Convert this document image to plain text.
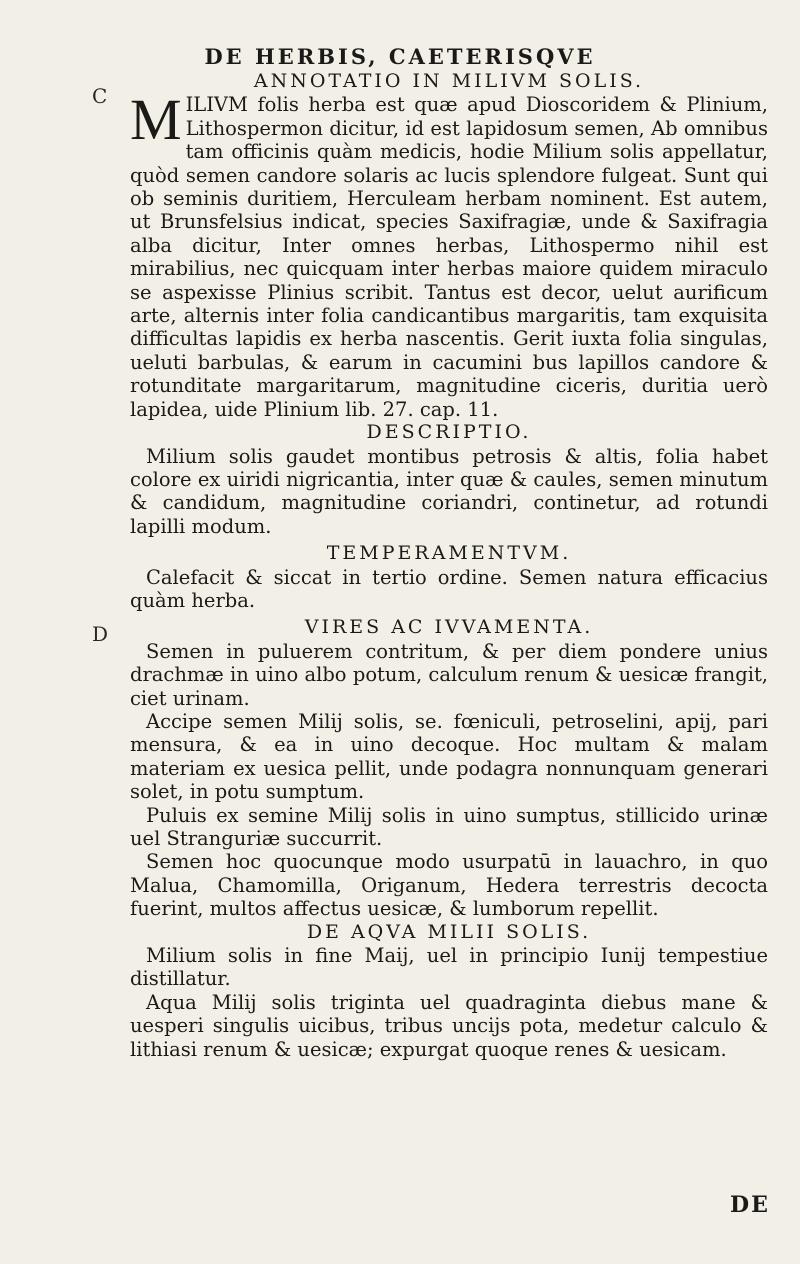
DE HERBIS, CAETERISQVE
C
D

ANNOTATIO IN MILIVM SOLIS.

M ILIVM folis herba est quæ apud Dioscoridem & Plinium, Lithospermon dicitur, id est lapidosum semen, Ab omnibus tam officinis quàm medicis, hodie Milium solis appellatur, quòd semen candore solaris ac lucis splendore fulgeat. Sunt qui ob seminis duritiem, Herculeam herbam nominent. Est autem, ut Brunsfelsius indicat, species Saxifragiæ, unde & Saxifragia alba dicitur, Inter omnes herbas, Lithospermo nihil est mirabilius, nec quicquam inter herbas maiore quidem miraculo se aspexisse Plinius scribit. Tantus est decor, uelut aurificum arte, alternis inter folia candicantibus margaritis, tam exquisita difficultas lapidis ex herba nascentis. Gerit iuxta folia singulas, ueluti barbulas, & earum in cacumini bus lapillos candore & rotunditate margaritarum, magnitudine ciceris, duritia uerò lapidea, uide Plinium lib. 27. cap. 11.

DESCRIPTIO.

Milium solis gaudet montibus petrosis & altis, folia habet colore ex uiridi nigricantia, inter quæ & caules, semen minutum & candidum, magnitudine coriandri, continetur, ad rotundi lapilli modum.

TEMPERAMENTVM.

Calefacit & siccat in tertio ordine. Semen natura efficacius quàm herba.

VIRES AC IVVAMENTA.

Semen in puluerem contritum, & per diem pondere unius drachmæ in uino albo potum, calculum renum & uesicæ frangit, ciet urinam.

Accipe semen Milij solis, se. fœniculi, petroselini, apij, pari mensura, & ea in uino decoque. Hoc multam & malam materiam ex uesica pellit, unde podagra nonnunquam generari solet, in potu sumptum.

Puluis ex semine Milij solis in uino sumptus, stillicido urinæ uel Stranguriæ succurrit.

Semen hoc quocunque modo usurpatū in lauachro, in quo Malua, Chamomilla, Origanum, Hedera terrestris decocta fuerint, multos affectus uesicæ, & lumborum repellit.

DE AQVA MILII SOLIS.

Milium solis in fine Maij, uel in principio Iunij tempestiue distillatur.

Aqua Milij solis triginta uel quadraginta diebus mane & uesperi singulis uicibus, tribus uncijs pota, medetur calculo & lithiasi renum & uesicæ; expurgat quoque renes & uesicam.

DE
